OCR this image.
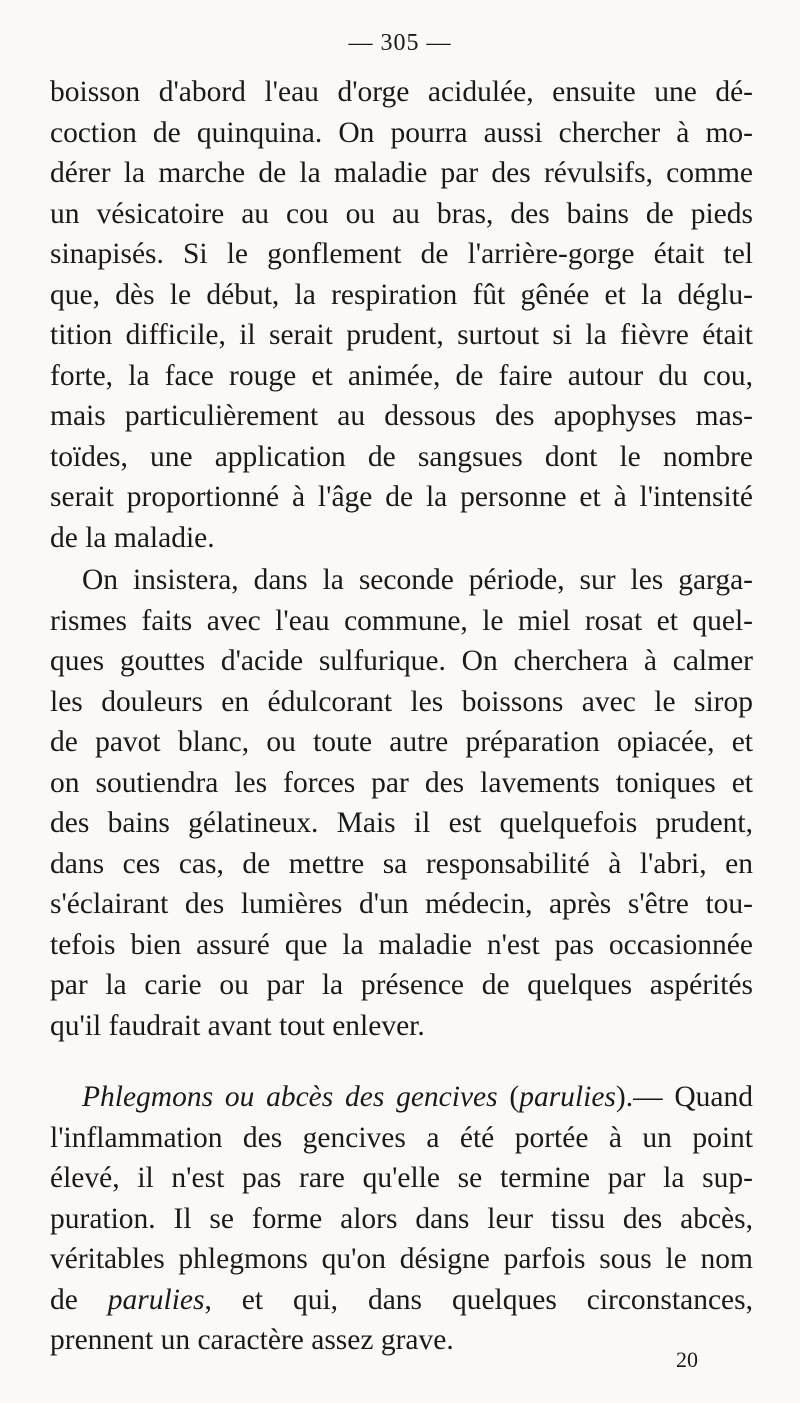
— 305 —
boisson d'abord l'eau d'orge acidulée, ensuite une dé-
coction de quinquina. On pourra aussi chercher à mo-
dérer la marche de la maladie par des révulsifs, comme
un vésicatoire au cou ou au bras, des bains de pieds
sinapisés. Si le gonflement de l'arrière-gorge était tel
que, dès le début, la respiration fût gênée et la déglu-
tition difficile, il serait prudent, surtout si la fièvre était
forte, la face rouge et animée, de faire autour du cou,
mais particulièrement au dessous des apophyses mas-
toïdes, une application de sangsues dont le nombre
serait proportionné à l'âge de la personne et à l'intensité
de la maladie.
On insistera, dans la seconde période, sur les garga-
rismes faits avec l'eau commune, le miel rosat et quel-
ques gouttes d'acide sulfurique. On cherchera à calmer
les douleurs en édulcorant les boissons avec le sirop
de pavot blanc, ou toute autre préparation opiacée, et
on soutiendra les forces par des lavements toniques et
des bains gélatineux. Mais il est quelquefois prudent,
dans ces cas, de mettre sa responsabilité à l'abri, en
s'éclairant des lumières d'un médecin, après s'être tou-
tefois bien assuré que la maladie n'est pas occasionnée
par la carie ou par la présence de quelques aspérités
qu'il faudrait avant tout enlever.
Phlegmons ou abcès des gencives (parulies).— Quand
l'inflammation des gencives a été portée à un point
élevé, il n'est pas rare qu'elle se termine par la sup-
puration. Il se forme alors dans leur tissu des abcès,
véritables phlegmons qu'on désigne parfois sous le nom
de parulies, et qui, dans quelques circonstances,
prennent un caractère assez grave.
20
